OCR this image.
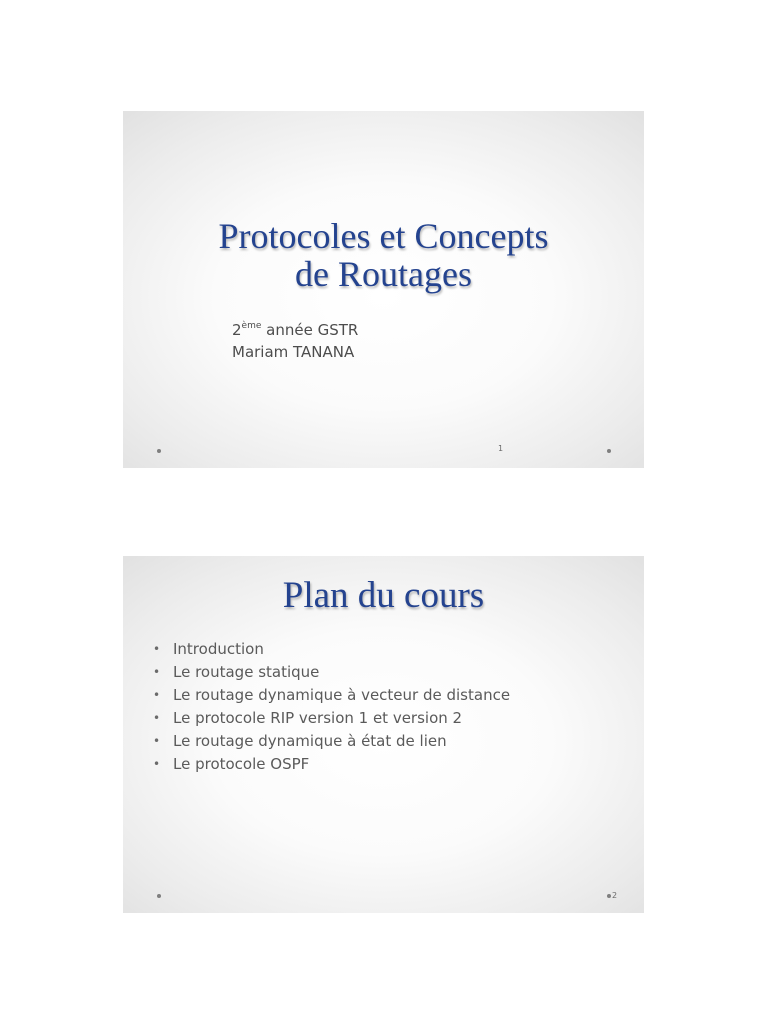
Protocoles et Concepts
de Routages
2ème année GSTR
Mariam TANANA
1
Plan du cours
• Introduction
• Le routage statique
• Le routage dynamique à vecteur de distance
• Le protocole RIP version 1 et version 2
• Le routage dynamique à état de lien
• Le protocole OSPF
2
